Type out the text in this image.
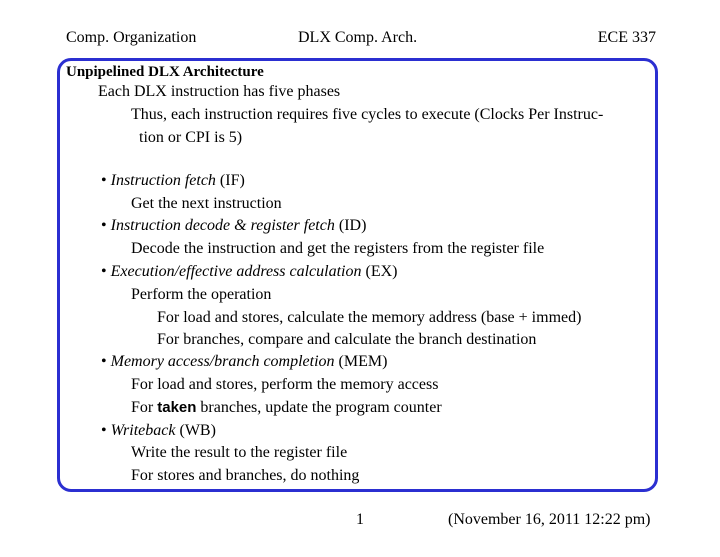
Comp. Organization	DLX Comp. Arch.	ECE 337
Unpipelined DLX Architecture
Each DLX instruction has five phases
Thus, each instruction requires five cycles to execute (Clocks Per Instruc-
tion or CPI is 5)
• Instruction fetch (IF)
Get the next instruction
• Instruction decode & register fetch (ID)
Decode the instruction and get the registers from the register file
• Execution/effective address calculation (EX)
Perform the operation
For load and stores, calculate the memory address (base + immed)
For branches, compare and calculate the branch destination
• Memory access/branch completion (MEM)
For load and stores, perform the memory access
For taken branches, update the program counter
• Writeback (WB)
Write the result to the register file
For stores and branches, do nothing
1	(November 16, 2011 12:22 pm)
